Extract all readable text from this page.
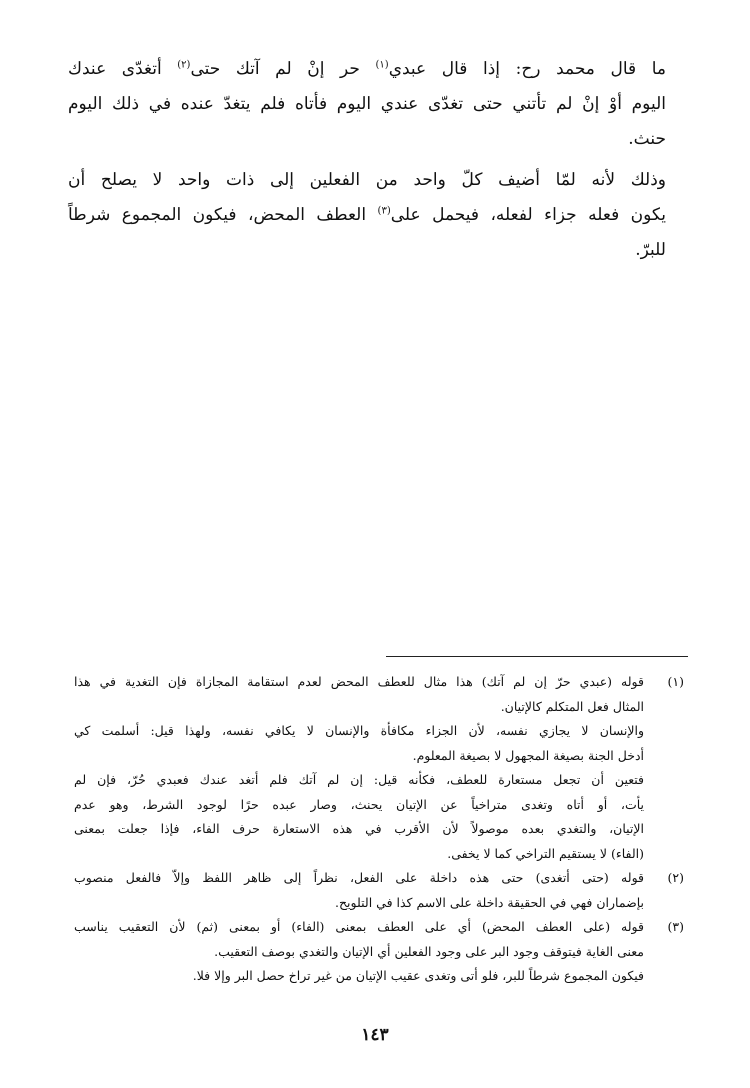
ما قال محمد رح: إذا قال عبدي$^{(١)}$ حر إنْ لم آتك حتى$^{(٢)}$ أتغدّى عندك
اليوم أوْ إنْ لم تأتني حتى تغدّى عندي اليوم فأتاه فلم يتغدّ عنده في ذلك اليوم
حنث.

وذلك لأنه لمّا أضيف كلّ واحد من الفعلين إلى ذات واحد لا يصلح أن
يكون فعله جزاء لفعله، فيحمل على$^{(٣)}$ العطف المحض، فيكون المجموع شرطاً
للبرّ.

(١)
قوله (عبدي حرّ إن لم آتك) هذا مثال للعطف المحض لعدم استقامة المجازاة فإن التغدية في هذا
المثال فعل المتكلم كالإتيان.
والإنسان لا يجازي نفسه، لأن الجزاء مكافأة والإنسان لا يكافي نفسه، ولهذا قيل: أسلمت كي
أدخل الجنة بصيغة المجهول لا بصيغة المعلوم.
فتعين أن تجعل مستعارة للعطف، فكأنه قيل: إن لم آتك فلم أتغد عندك فعبدي حُرّ، فإن لم
يأت، أو أتاه وتغدى متراخياً عن الإتيان يحنث، وصار عبده حرًا لوجود الشرط، وهو عدم
الإتيان، والتغدي بعده موصولاً لأن الأقرب في هذه الاستعارة حرف الفاء، فإذا جعلت بمعنى
(الفاء) لا يستقيم التراخي كما لا يخفى.
(٢)
قوله (حتى أتغدى) حتى هذه داخلة على الفعل، نظراً إلى ظاهر اللفظ وإلاّ فالفعل منصوب
بإضماران فهي في الحقيقة داخلة على الاسم كذا في التلويح.
(٣)
قوله (على العطف المحض) أي على العطف بمعنى (الفاء) أو بمعنى (ثم) لأن التعقيب يناسب
معنى الغاية فيتوقف وجود البر على وجود الفعلين أي الإتيان والتغدي بوصف التعقيب.
فيكون المجموع شرطاً للبر، فلو أتى وتغدى عقيب الإتيان من غير تراخ حصل البر وإلا فلا.
١٤٣
